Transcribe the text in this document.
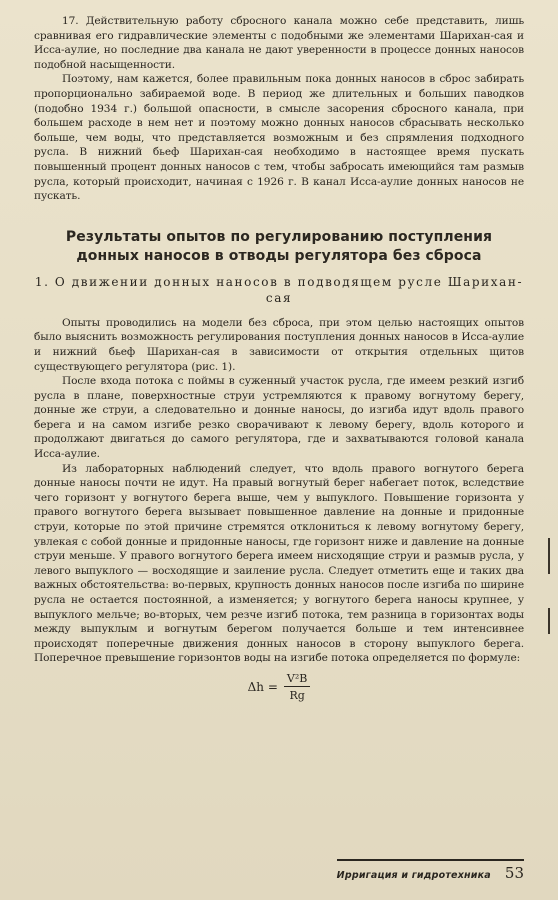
17. Действительную работу сбросного канала можно себе представить, лишь сравнивая его гидравлические элементы с подобными же элементами Шарихан-сая и Исса-аулие, но последние два канала не дают уверенности в процессе донных наносов подобной насыщенности.

Поэтому, нам кажется, более правильным пока донных наносов в сброс забирать пропорционально забираемой воде. В период же длительных и больших паводков (подобно 1934 г.) большой опасности, в смысле засорения сбросного канала, при большем расходе в нем нет и поэтому можно донных наносов сбрасывать несколько больше, чем воды, что представляется возможным и без спрямления подходного русла. В нижний бьеф Шарихан-сая необходимо в настоящее время пускать повышенный процент донных наносов с тем, чтобы забросать имеющийся там размыв русла, который происходит, начиная с 1926 г. В канал Исса-аулие донных наносов не пускать.

Результаты опытов по регулированию поступления донных наносов в отводы регулятора без сброса
1. О движении донных наносов в подводящем русле Шарихан-сая

Опыты проводились на модели без сброса, при этом целью настоящих опытов было выяснить возможность регулирования поступления донных наносов в Исса-аулие и нижний бьеф Шарихан-сая в зависимости от открытия отдельных щитов существующего регулятора (рис. 1).

После входа потока с поймы в суженный участок русла, где имеем резкий изгиб русла в плане, поверхностные струи устремляются к правому вогнутому берегу, донные же струи, а следовательно и донные наносы, до изгиба идут вдоль правого берега и на самом изгибе резко сворачивают к левому берегу, вдоль которого и продолжают двигаться до самого регулятора, где и захватываются головой канала Исса-аулие.

Из лабораторных наблюдений следует, что вдоль правого вогнутого берега донные наносы почти не идут. На правый вогнутый берег набегает поток, вследствие чего горизонт у вогнутого берега выше, чем у выпуклого. Повышение горизонта у правого вогнутого берега вызывает повышенное давление на донные и придонные струи, которые по этой причине стремятся отклониться к левому вогнутому берегу, увлекая с собой донные и придонные наносы, где горизонт ниже и давление на донные струи меньше. У правого вогнутого берега имеем нисходящие струи и размыв русла, у левого выпуклого — восходящие и заиление русла. Следует отметить еще и таких два важных обстоятельства: во-первых, крупность донных наносов после изгиба по ширине русла не остается постоянной, а изменяется; у вогнутого берега наносы крупнее, у выпуклого мельче; во-вторых, чем резче изгиб потока, тем разница в горизонтах воды между выпуклым и вогнутым берегом получается больше и тем интенсивнее происходят поперечные движения донных наносов в сторону выпуклого берега. Поперечное превышение горизонтов воды на изгибе потока определяется по формуле:

$\Delta h = \frac{\text{V²B}}{Rg}$
Ирригация и гидротехника 53
